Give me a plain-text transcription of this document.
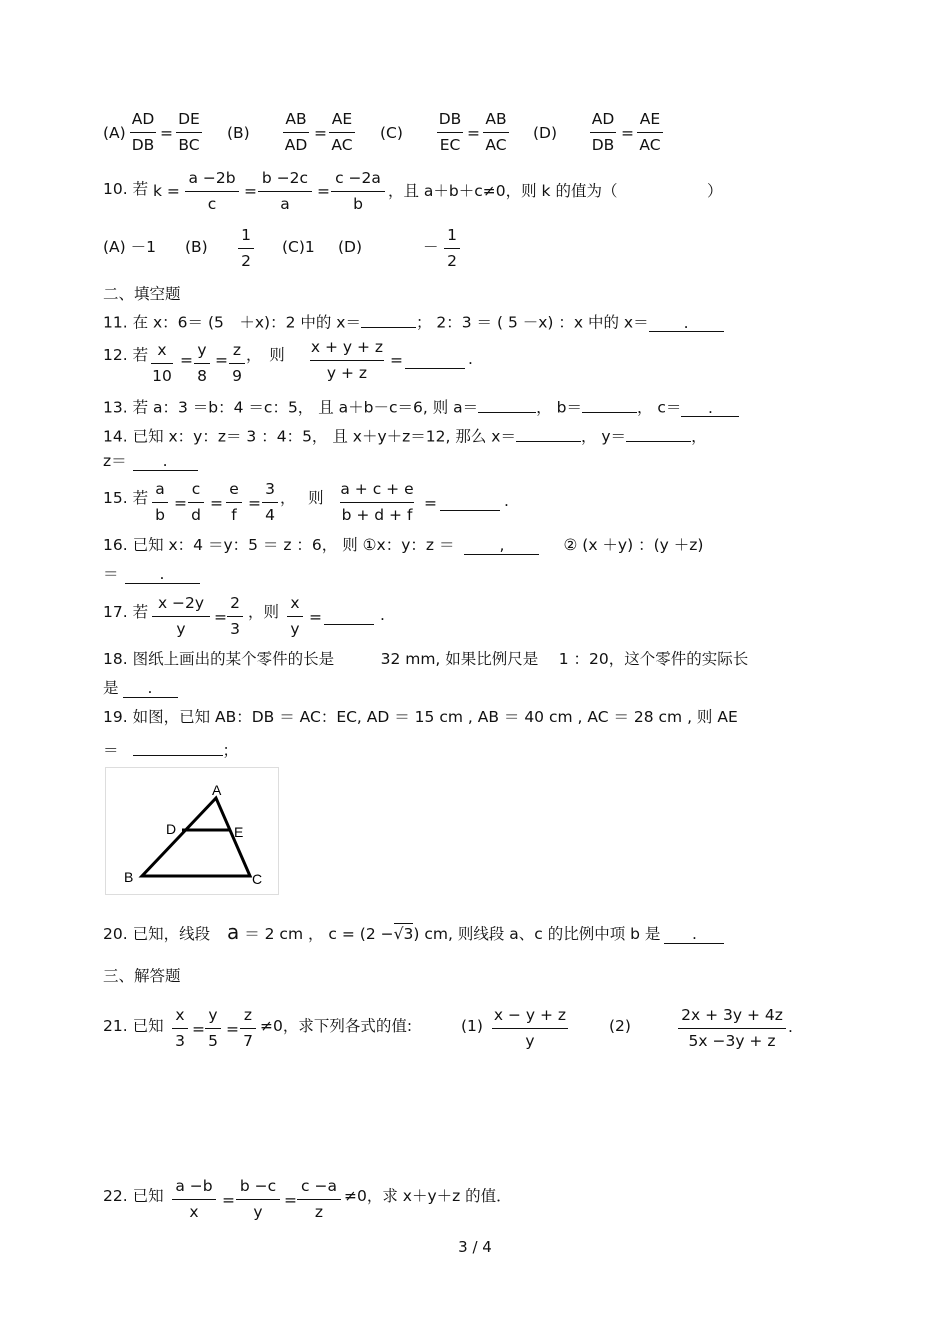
(A)
AD
DB
=
DE
BC
(B)
AB
AD
=
AE
AC
(C)
DB
EC
=
AB
AC
(D)
AD
DB
=
AE
AC
10. 若 k =
a −2b
c
=
b −2c
a
=
c −2a
b
，且 a＋b＋c≠0，则 k 的值为（	）
(A) －1 (B)
1
2
(C)1 (D)	－
1
2
二、填空题
11. 在 x：6＝ (5　＋x)：2 中的 x＝	； 2：3 ＝ ( 5 －x) ：x 中的 x＝ .
12. 若 x
10
=
y
8
=
z
9
，　则 x + y + z
y + z
=	.
13. 若 a：3 ＝b：4 ＝c：5， 且 a＋b－c＝6, 则 a＝	， b＝	， c＝ .
14. 已知 x：y：z＝ 3 ：4：5， 且 x＋y＋z＝12, 那么 x＝	， y＝	，
z＝ .
15. 若 a
b
=
c
d
=
e
f
=
3
4
，　 则 a + c + e
b + d + f
=	.
16. 已知 x：4 ＝y：5 ＝ z ：6， 则 ①x：y：z ＝	,	② (x ＋y) ：(y ＋z)
＝	.
17. 若 x −2y
y
=
2
3
，则 x
y
=	.
18. 图纸上画出的某个零件的长是　　　32 mm, 如果比例尺是　 1 ：20，这个零件的实际长
是 .
19. 如图，已知 AB：DB ＝ AC：EC, AD ＝ 15 cm , AB ＝ 40 cm , AC ＝ 28 cm , 则 AE
＝	；
A
D	E
B	C
20. 已知，线段 a ＝ 2 cm ， c = (2 −√3) cm, 则线段 a、c 的比例中项 b 是 .
三、解答题
21. 已知
x
3
=
y
5
=
z
7
≠0，求下列各式的值:	(1)
x − y + z
y
(2)
2x + 3y + 4z
5x −3y + z
.
22. 已知
a −b
x
=
b −c
y
=
c −a
z
≠0，求 x＋y＋z 的值．
3 / 4
